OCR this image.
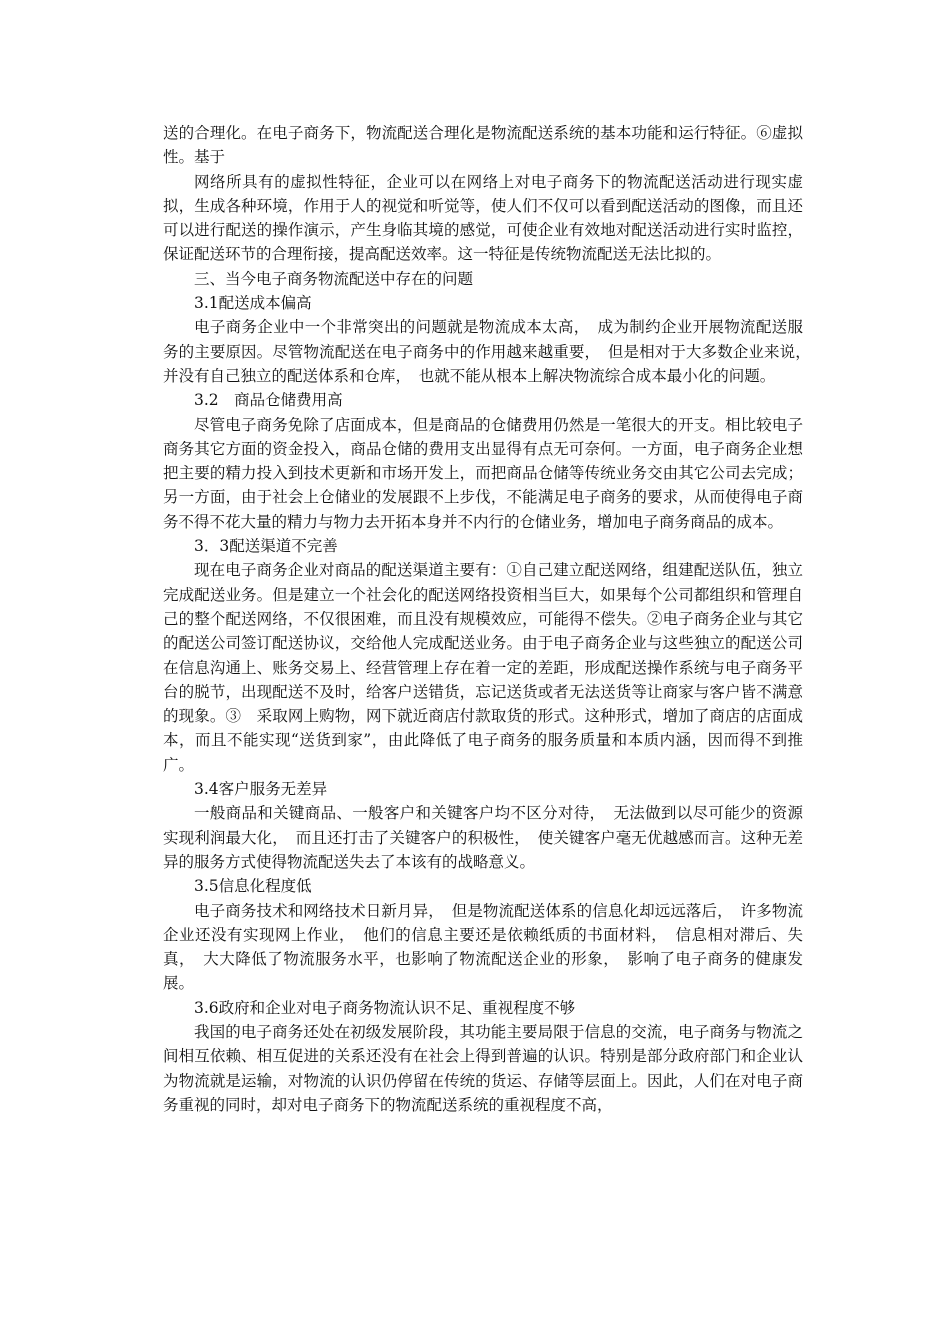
送的合理化。在电子商务下，物流配送合理化是物流配送系统的基本功能和运行特征。⑥虚拟性。基于

网络所具有的虚拟性特征，企业可以在网络上对电子商务下的物流配送活动进行现实虚拟，生成各种环境，作用于人的视觉和听觉等，使人们不仅可以看到配送活动的图像，而且还可以进行配送的操作演示，产生身临其境的感觉，可使企业有效地对配送活动进行实时监控，保证配送环节的合理衔接，提高配送效率。这一特征是传统物流配送无法比拟的。

三、当今电子商务物流配送中存在的问题

3.1配送成本偏高

电子商务企业中一个非常突出的问题就是物流成本太高，　成为制约企业开展物流配送服务的主要原因。尽管物流配送在电子商务中的作用越来越重要，　但是相对于大多数企业来说，　并没有自己独立的配送体系和仓库，　也就不能从根本上解决物流综合成本最小化的问题。

3.2　商品仓储费用高

尽管电子商务免除了店面成本，但是商品的仓储费用仍然是一笔很大的开支。相比较电子商务其它方面的资金投入，商品仓储的费用支出显得有点无可奈何。一方面，电子商务企业想把主要的精力投入到技术更新和市场开发上，而把商品仓储等传统业务交由其它公司去完成；另一方面，由于社会上仓储业的发展跟不上步伐，不能满足电子商务的要求，从而使得电子商务不得不花大量的精力与物力去开拓本身并不内行的仓储业务，增加电子商务商品的成本。

3．3配送渠道不完善

现在电子商务企业对商品的配送渠道主要有：①自己建立配送网络，组建配送队伍，独立完成配送业务。但是建立一个社会化的配送网络投资相当巨大，如果每个公司都组织和管理自己的整个配送网络，不仅很困难，而且没有规模效应，可能得不偿失。②电子商务企业与其它的配送公司签订配送协议，交给他人完成配送业务。由于电子商务企业与这些独立的配送公司在信息沟通上、账务交易上、经营管理上存在着一定的差距，形成配送操作系统与电子商务平台的脱节，出现配送不及时，给客户送错货，忘记送货或者无法送货等让商家与客户皆不满意的现象。③　采取网上购物，网下就近商店付款取货的形式。这种形式，增加了商店的店面成本，而且不能实现“送货到家”，由此降低了电子商务的服务质量和本质内涵，因而得不到推广。

3.4客户服务无差异

一般商品和关键商品、一般客户和关键客户均不区分对待，　无法做到以尽可能少的资源实现利润最大化，　而且还打击了关键客户的积极性，　使关键客户毫无优越感而言。这种无差异的服务方式使得物流配送失去了本该有的战略意义。

3.5信息化程度低

电子商务技术和网络技术日新月异，　但是物流配送体系的信息化却远远落后，　许多物流企业还没有实现网上作业，　他们的信息主要还是依赖纸质的书面材料，　信息相对滞后、失真，　大大降低了物流服务水平，也影响了物流配送企业的形象，　影响了电子商务的健康发展。

3.6政府和企业对电子商务物流认识不足、重视程度不够

我国的电子商务还处在初级发展阶段，其功能主要局限于信息的交流，电子商务与物流之间相互依赖、相互促进的关系还没有在社会上得到普遍的认识。特别是部分政府部门和企业认为物流就是运输，对物流的认识仍停留在传统的货运、存储等层面上。因此，人们在对电子商务重视的同时，却对电子商务下的物流配送系统的重视程度不高，
